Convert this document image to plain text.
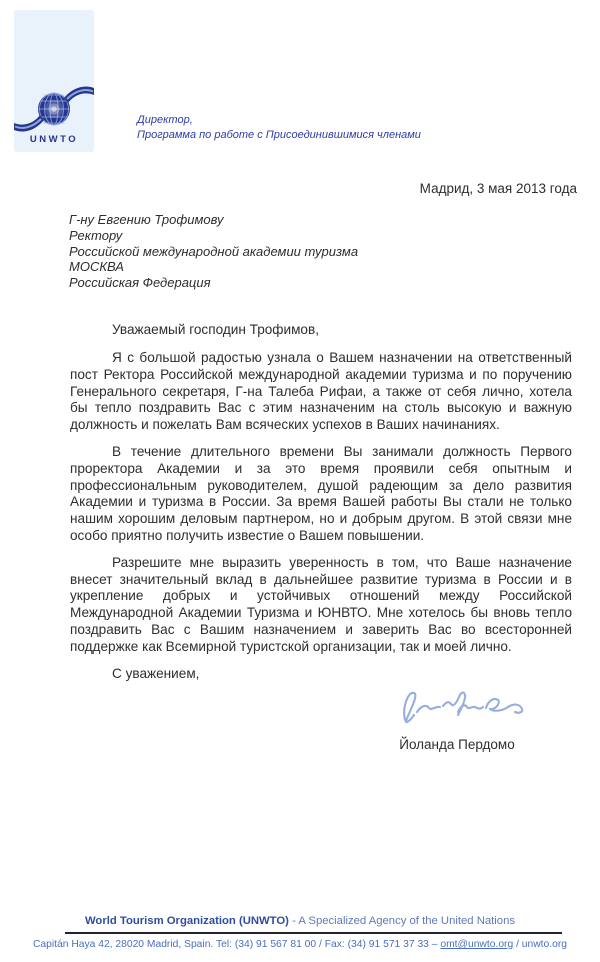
UNWTO
Директор,
Программа по работе с Присоединившимися членами
Мадрид, 3 мая 2013 года
Г-ну Евгению Трофимову
Ректору
Российской международной академии туризма
МОСКВА
Российская Федерация
Уважаемый господин Трофимов,

Я с большой радостью узнала о Вашем назначении на ответственный пост Ректора Российской международной академии туризма и по поручению Генерального секретаря, Г-на Талеба Рифаи, а также от себя лично, хотела бы тепло поздравить Вас с этим назначеним на столь высокую и важную должность и пожелать Вам всяческих успехов в Ваших начинаниях.

В течение длительного времени Вы занимали должность Первого проректора Академии и за это время проявили себя опытным и профессиональным руководителем, душой радеющим за дело развития Академии и туризма в России. За время Вашей работы Вы стали не только нашим хорошим деловым партнером, но и добрым другом. В этой связи мне особо приятно получить известие о Вашем повышении.

Разрешите мне выразить уверенность в том, что Ваше назначение внесет значительный вклад в дальнейшее развитие туризма в России и в укрепление добрых и устойчивых отношений между Российской Международной Академии Туризма и ЮНВТО. Мне хотелось бы вновь тепло поздравить Вас с Вашим назначением и заверить Вас во всесторонней поддержке как Всемирной туристской организации, так и моей лично.

С уважением,

Йоланда Пердомо
World Tourism Organization (UNWTO) - A Specialized Agency of the United Nations
Capitán Haya 42, 28020 Madrid, Spain. Tel: (34) 91 567 81 00 / Fax: (34) 91 571 37 33 – omt@unwto.org / unwto.org
